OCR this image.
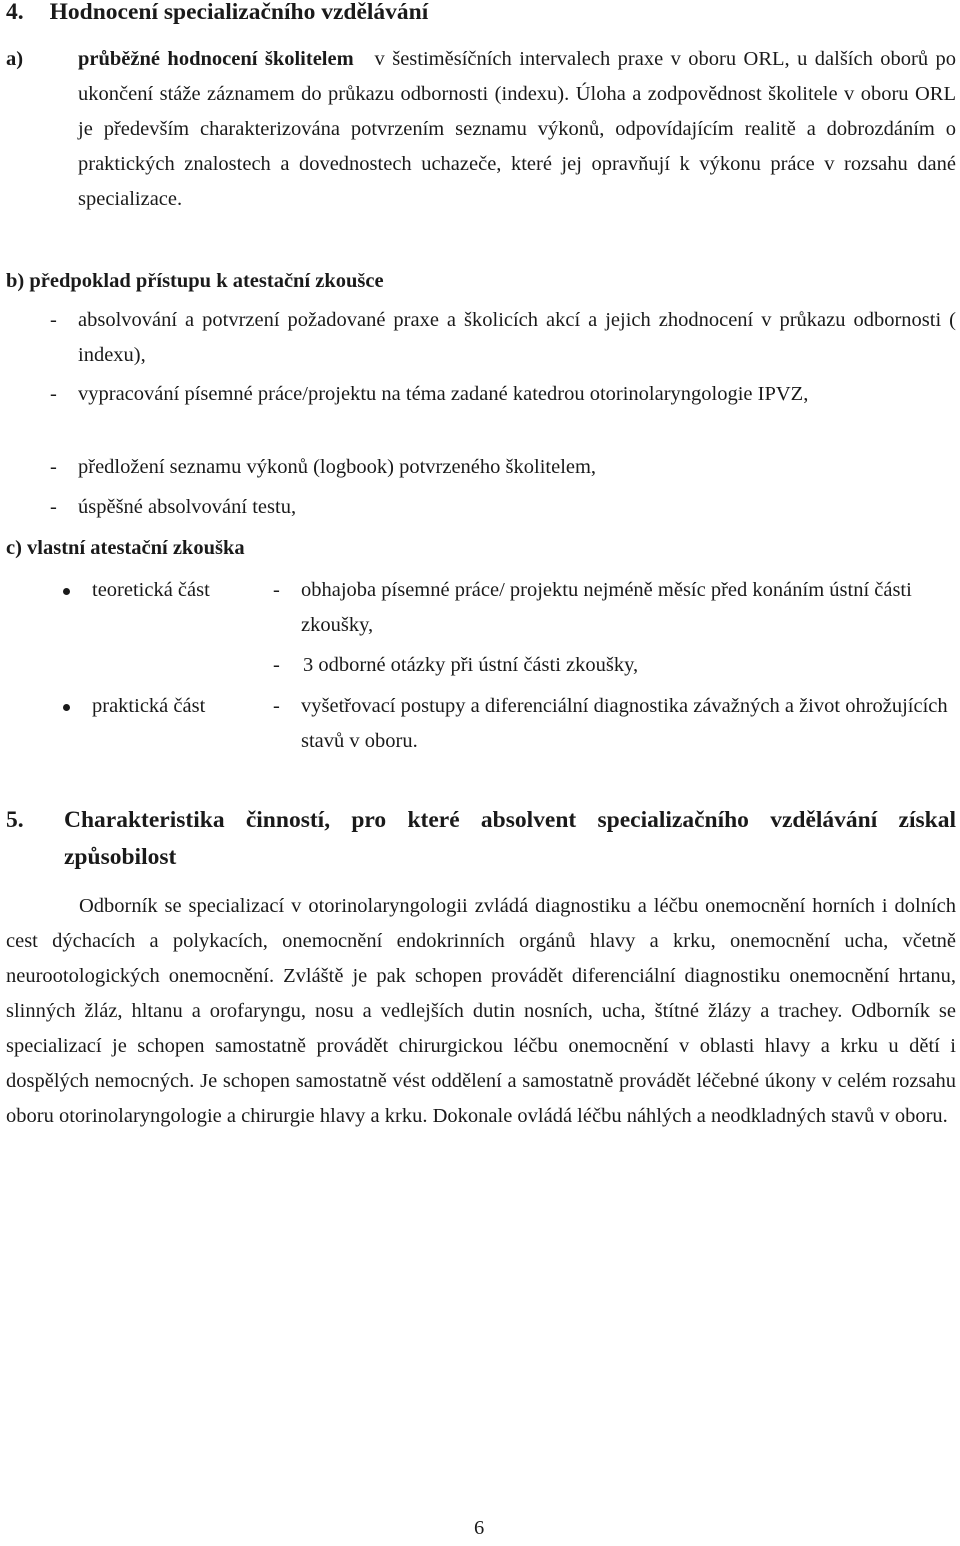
4. Hodnocení specializačního vzdělávání
a)	průběžné hodnocení školitelem v šestiměsíčních intervalech praxe v oboru ORL, u dalších oborů po ukončení stáže záznamem do průkazu odbornosti (indexu). Úloha a zodpovědnost školitele v oboru ORL je především charakterizována potvrzením seznamu výkonů, odpovídajícím realitě a dobrozdáním o praktických znalostech a dovednostech uchazeče, které jej opravňují k výkonu práce v rozsahu dané specializace.
b) předpoklad přístupu k atestační zkoušce
- absolvování a potvrzení požadované praxe a školicích akcí a jejich zhodnocení v průkazu odbornosti ( indexu),
- vypracování písemné práce/projektu na téma zadané katedrou otorinolaryngologie IPVZ,
- předložení seznamu výkonů (logbook) potvrzeného školitelem,
- úspěšné absolvování testu,
c) vlastní atestační zkouška
teoretická část	- obhajoba písemné práce/ projektu nejméně měsíc před konáním ústní části zkoušky,
- 3 odborné otázky při ústní části zkoušky,
praktická část	- vyšetřovací postupy a diferenciální diagnostika závažných a život ohrožujících stavů v oboru.
5. Charakteristika činností, pro které absolvent specializačního vzdělávání získal způsobilost
Odborník se specializací v otorinolaryngologii zvládá diagnostiku a léčbu onemocnění horních i dolních cest dýchacích a polykacích, onemocnění endokrinních orgánů hlavy a krku, onemocnění ucha, včetně neurootologických onemocnění. Zvláště je pak schopen provádět diferenciální diagnostiku onemocnění hrtanu, slinných žláz, hltanu a orofaryngu, nosu a vedlejších dutin nosních, ucha, štítné žlázy a trachey. Odborník se specializací je schopen samostatně provádět chirurgickou léčbu onemocnění v oblasti hlavy a krku u dětí i dospělých nemocných. Je schopen samostatně vést oddělení a samostatně provádět léčebné úkony v celém rozsahu oboru otorinolaryngologie a chirurgie hlavy a krku. Dokonale ovládá léčbu náhlých a neodkladných stavů v oboru.
6
